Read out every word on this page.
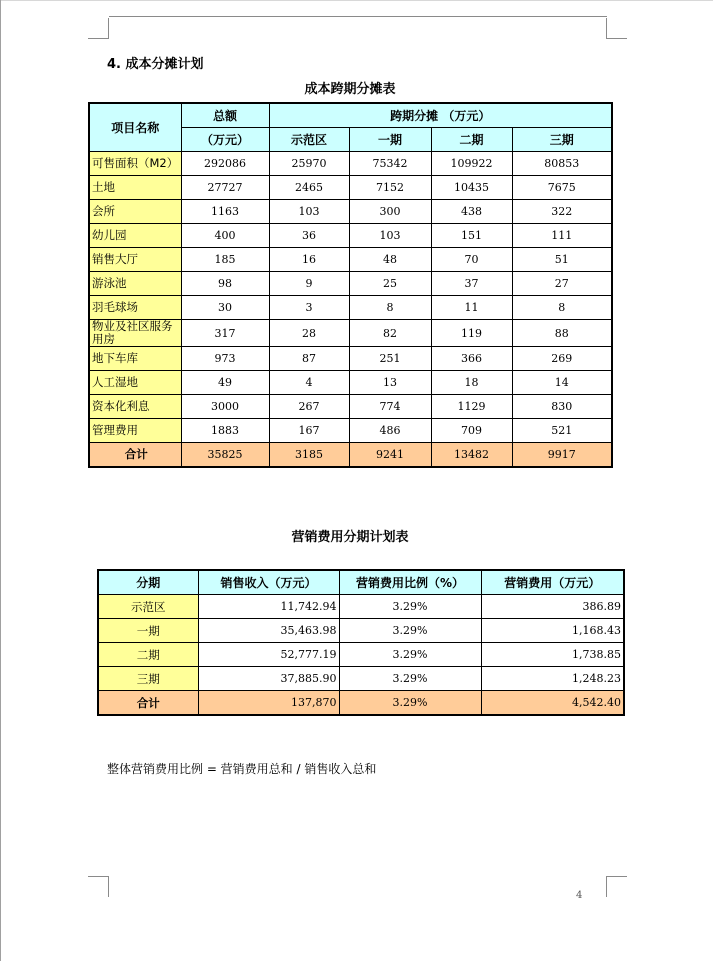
4. 成本分摊计划
成本跨期分摊表
项目名称	总额	跨期分摊 （万元）			
	（万元）	示范区	一期	二期	三期
可售面积（M2）	292086	25970	75342	109922	80853
土地	27727	2465	7152	10435	7675
会所	1163	103	300	438	322
幼儿园	400	36	103	151	111
销售大厅	185	16	48	70	51
游泳池	98	9	25	37	27
羽毛球场	30	3	8	11	8
物业及社区服务用房	317	28	82	119	88
地下车库	973	87	251	366	269
人工湿地	49	4	13	18	14
资本化利息	3000	267	774	1129	830
管理费用	1883	167	486	709	521
合计	35825	3185	9241	13482	9917
营销费用分期计划表
分期	销售收入（万元）	营销费用比例（%）	营销费用（万元）
示范区	11,742.94	3.29%	386.89
一期	35,463.98	3.29%	1,168.43
二期	52,777.19	3.29%	1,738.85
三期	37,885.90	3.29%	1,248.23
合计	137,870	3.29%	4,542.40
整体营销费用比例 = 营销费用总和 / 销售收入总和
4
